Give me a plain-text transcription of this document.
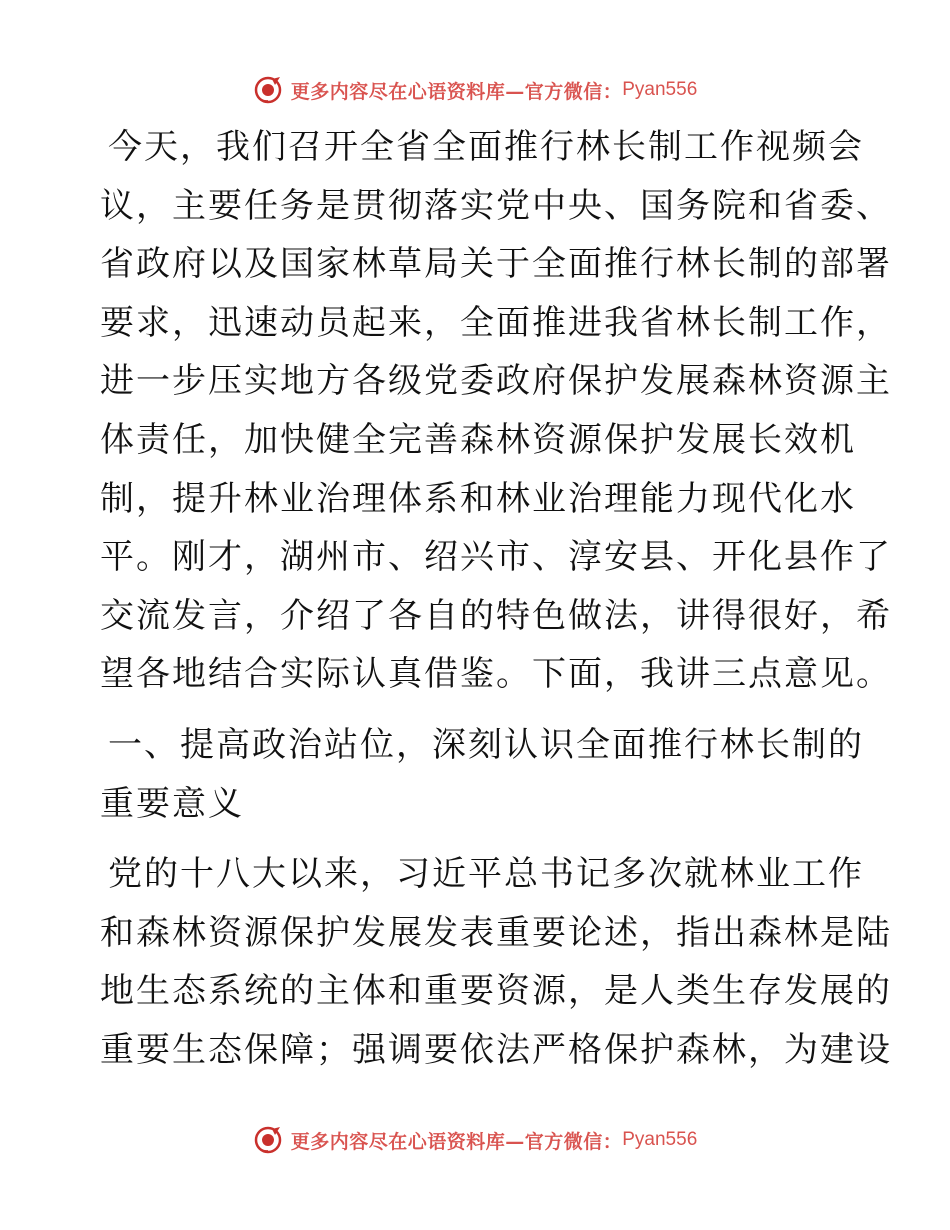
更多内容尽在心语资料库—官方微信： Pyan556
今天，我们召开全省全面推行林长制工作视频会
议，主要任务是贯彻落实党中央、国务院和省委、
省政府以及国家林草局关于全面推行林长制的部署
要求，迅速动员起来，全面推进我省林长制工作，
进一步压实地方各级党委政府保护发展森林资源主
体责任，加快健全完善森林资源保护发展长效机
制，提升林业治理体系和林业治理能力现代化水
平。刚才，湖州市、绍兴市、淳安县、开化县作了
交流发言，介绍了各自的特色做法，讲得很好，希
望各地结合实际认真借鉴。下面，我讲三点意见。
一、提高政治站位，深刻认识全面推行林长制的
重要意义
党的十八大以来，习近平总书记多次就林业工作
和森林资源保护发展发表重要论述，指出森林是陆
地生态系统的主体和重要资源，是人类生存发展的
重要生态保障；强调要依法严格保护森林，为建设
更多内容尽在心语资料库—官方微信： Pyan556
